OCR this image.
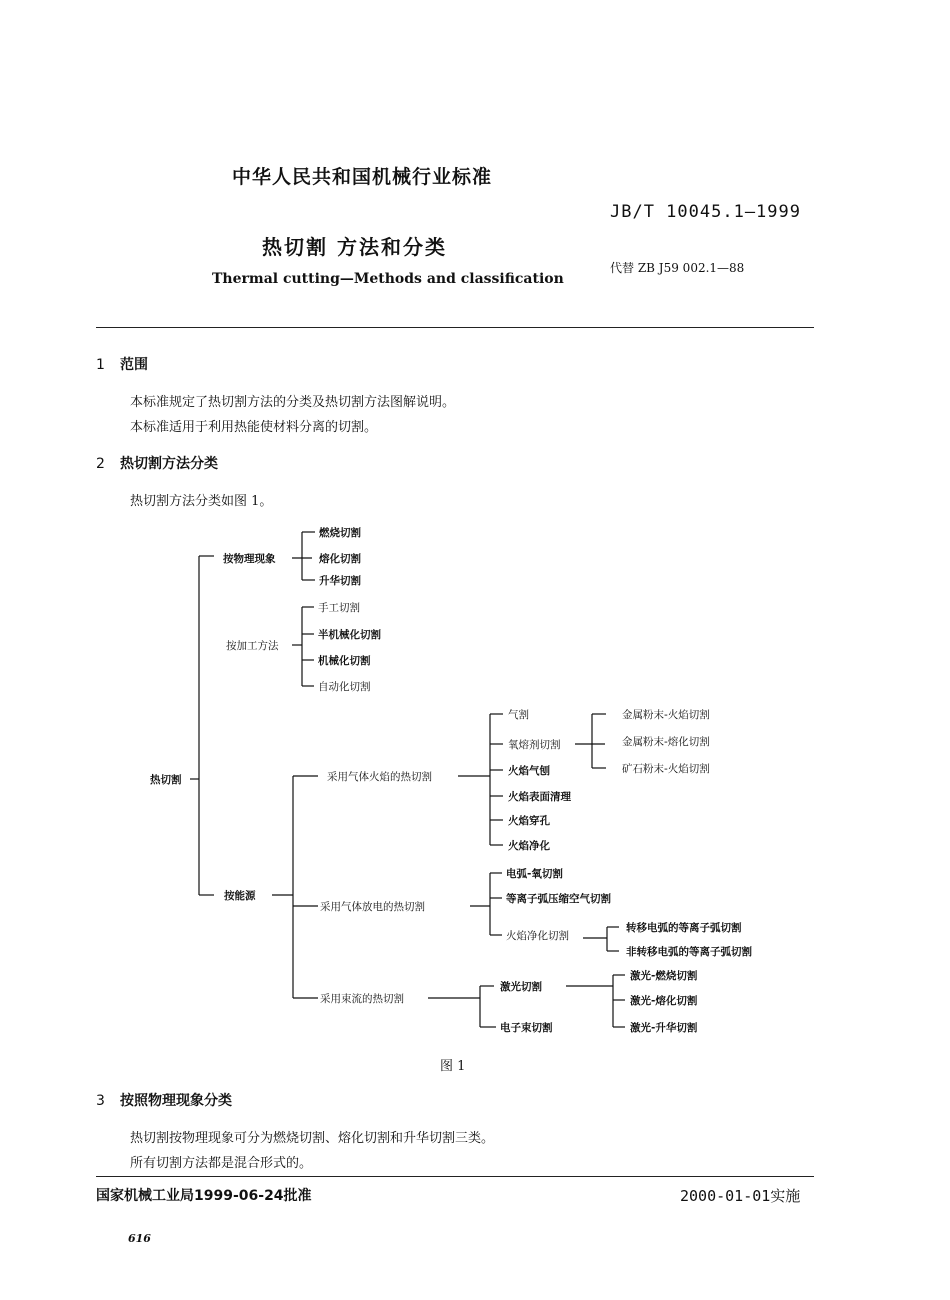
中华人民共和国机械行业标准
JB/T 10045.1—1999
热切割 方法和分类
Thermal cutting—Methods and classification
代替 ZB J59 002.1—88
1 范围
本标准规定了热切割方法的分类及热切割方法图解说明。
本标准适用于利用热能使材料分离的切割。
2 热切割方法分类
热切割方法分类如图 1。
热切割
按物理现象
燃烧切割
熔化切割
升华切割
按加工方法
手工切割
半机械化切割
机械化切割
自动化切割
按能源
采用气体火焰的热切割
气割
氧熔剂切割
火焰气刨
火焰表面清理
火焰穿孔
火焰净化
金属粉末-火焰切割
金属粉末-熔化切割
矿石粉末-火焰切割
采用气体放电的热切割
电弧-氧切割
等离子弧压缩空气切割
火焰净化切割
转移电弧的等离子弧切割
非转移电弧的等离子弧切割
采用束流的热切割
激光切割
电子束切割
激光-燃烧切割
激光-熔化切割
激光-升华切割
图 1
3 按照物理现象分类
热切割按物理现象可分为燃烧切割、熔化切割和升华切割三类。
所有切割方法都是混合形式的。
国家机械工业局1999-06-24批准	2000-01-01实施
616
